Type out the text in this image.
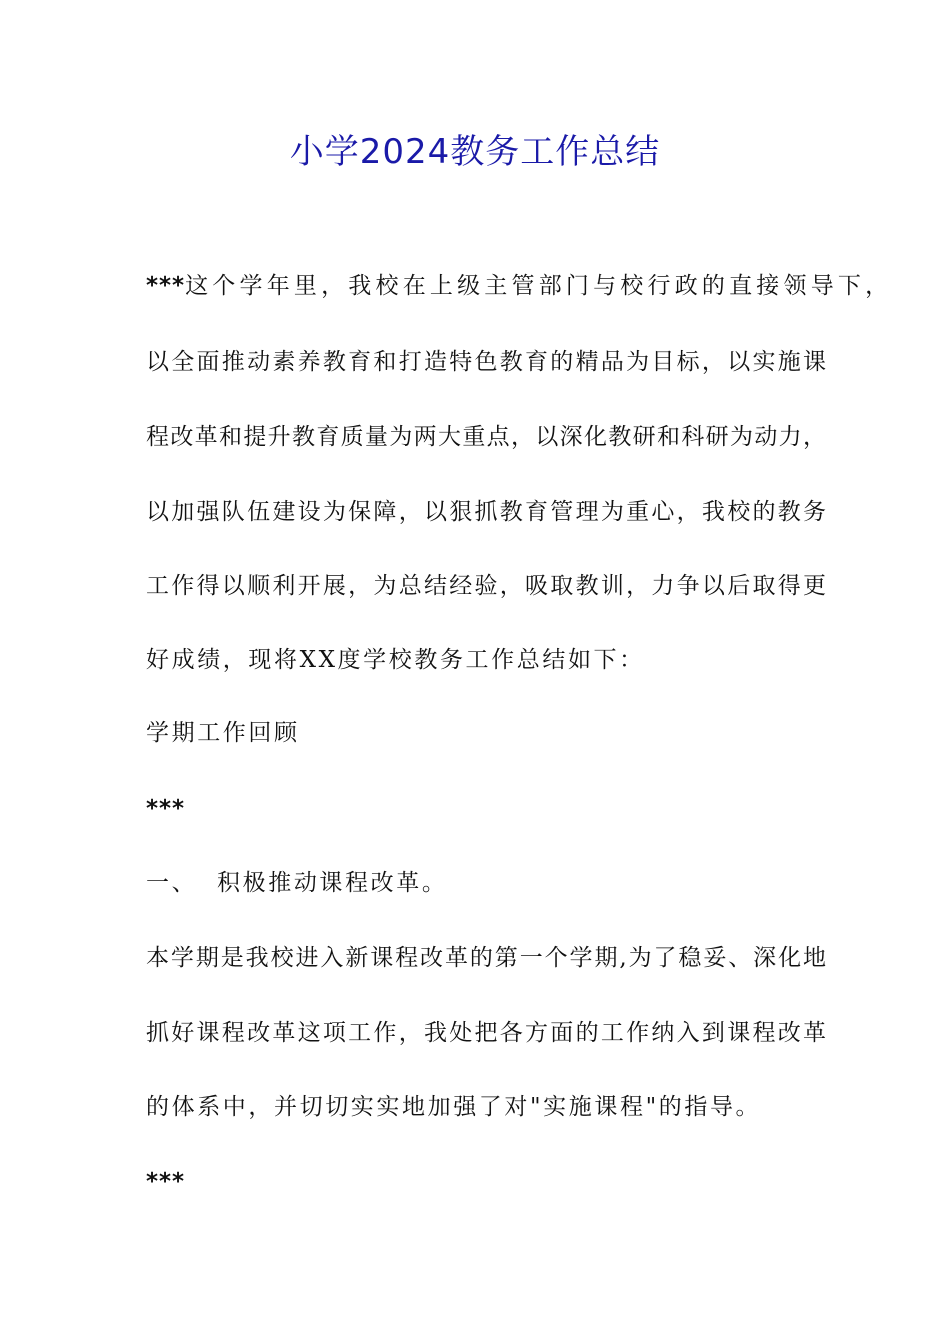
小学2024教务工作总结
*** 这个学年里，我校在上级主管部门与校行政的直接领导下，
以全面推动素养教育和打造特色教育的精品为目标，以实施课
程改革和提升教育质量为两大重点，以深化教研和科研为动力，
以加强队伍建设为保障，以狠抓教育管理为重心，我校的教务
工作得以顺利开展，为总结经验，吸取教训，力争以后取得更
好成绩，现将XX度学校教务工作总结如下：
学期工作回顾
***
一、  积极推动课程改革。
本学期是我校进入新课程改革的第一个学期,为了稳妥、深化地
抓好课程改革这项工作，我处把各方面的工作纳入到课程改革
的体系中，并切切实实地加强了对"实施课程"的指导。
***
